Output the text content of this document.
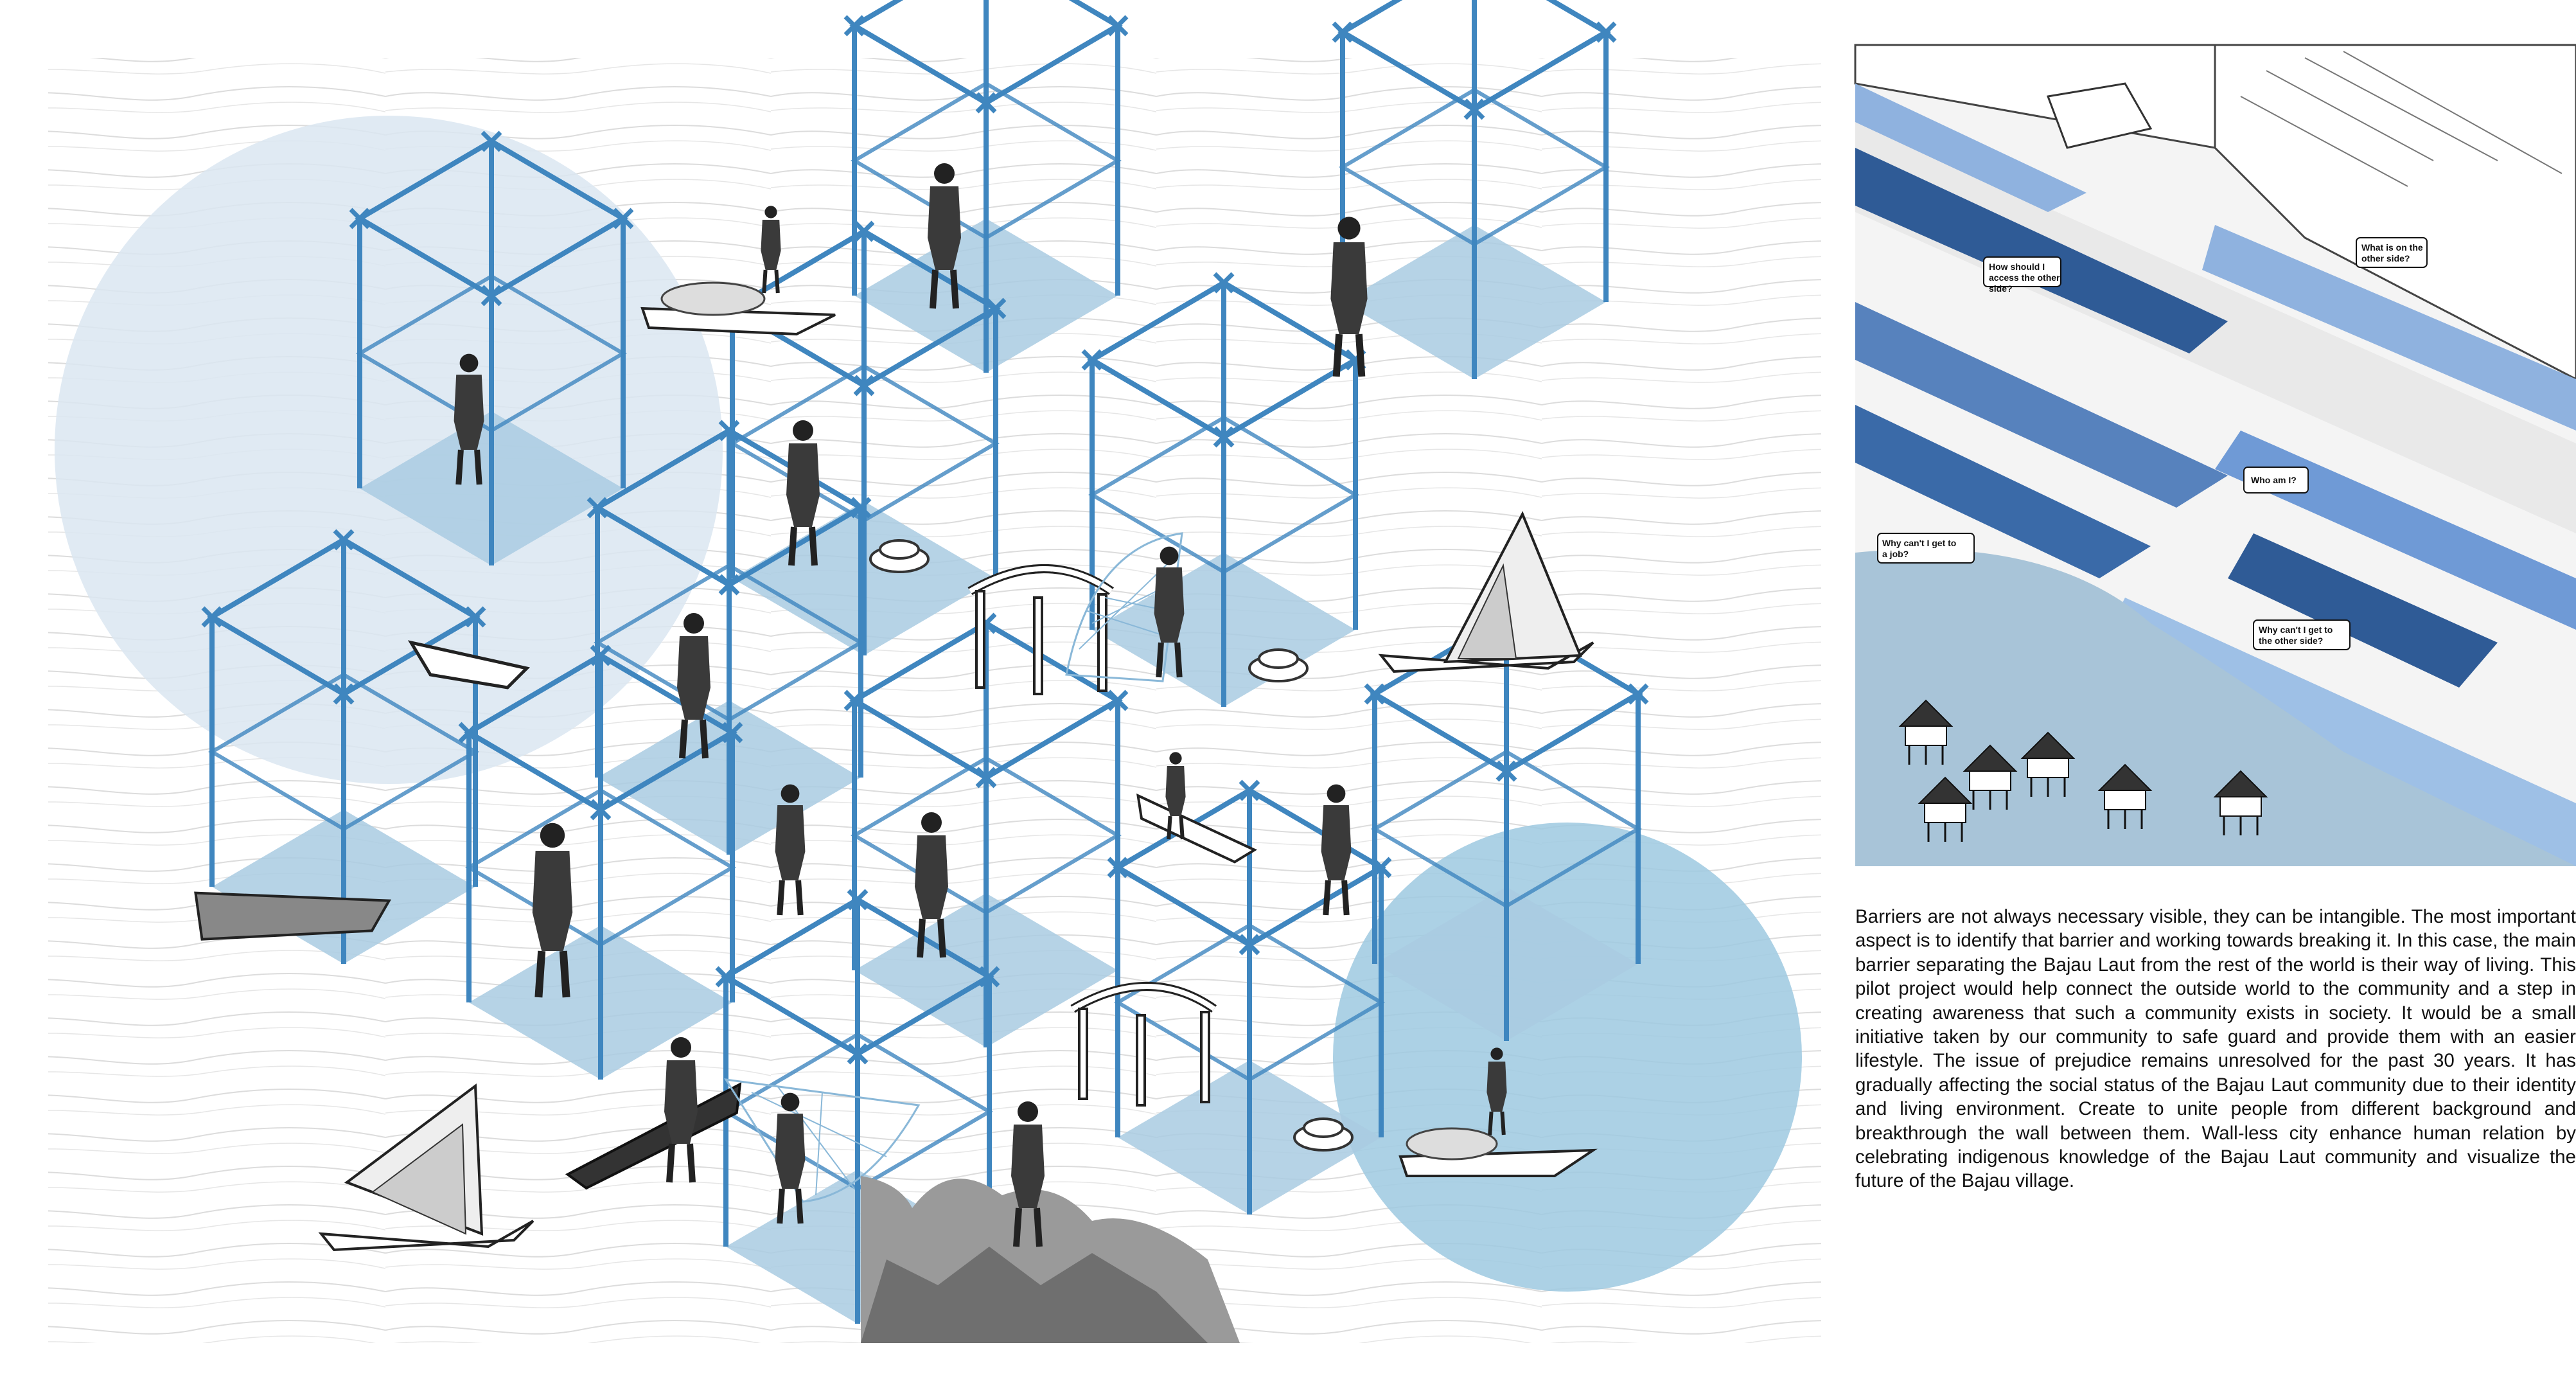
How should I access the other side?
What is on the other side?
Who am I?
Why can't I get to a job?
Why can't I get to the other side?
Barriers are not always necessary visible, they can be intangible. The most important aspect is to identify that barrier and working towards breaking it. In this case, the main barrier separating the Bajau Laut from the rest of the world is their way of living. This pilot project would help connect the outside world to the community and a step in creating awareness that such a community exists in society. It would be a small initiative taken by our community to safe guard and provide them with an easier lifestyle. The issue of prejudice remains unresolved for the past 30 years. It has gradually affecting the social status of the Bajau Laut community due to their identity and living environment. Create to unite people from different background and breakthrough the wall between them. Wall-less city enhance human relation by celebrating indigenous knowledge of the Bajau Laut community and visualize the future of the Bajau village.
